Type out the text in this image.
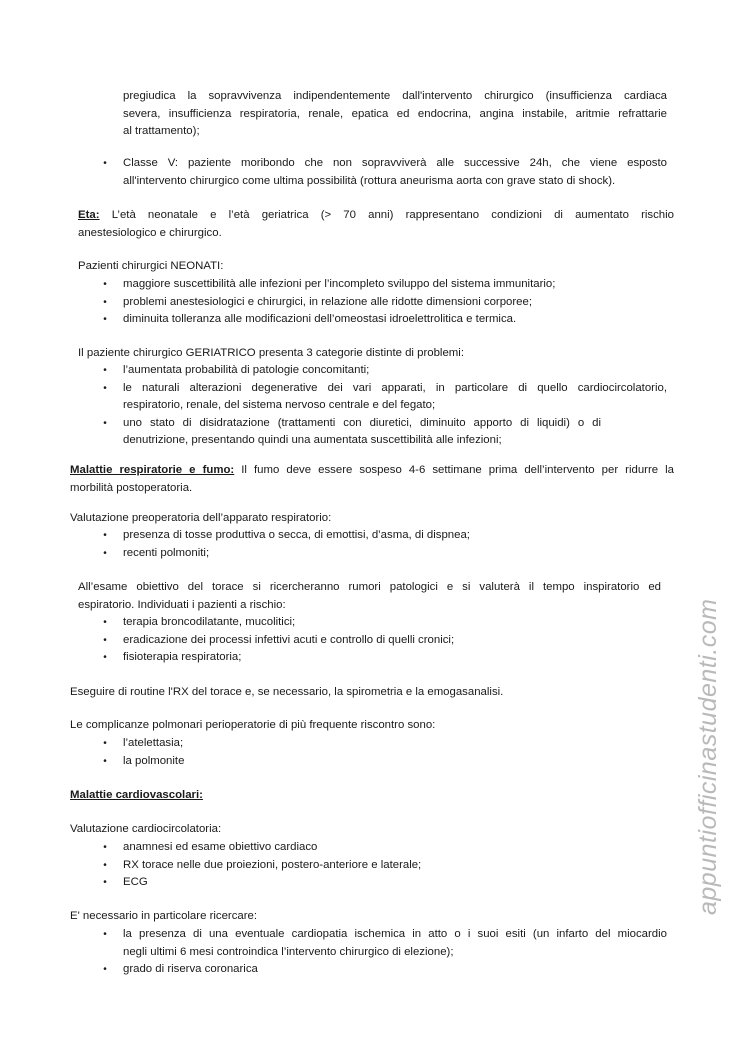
pregiudica la sopravvivenza indipendentemente dall'intervento chirurgico (insufficienza cardiaca
severa, insufficienza respiratoria, renale, epatica ed endocrina, angina instabile, aritmie refrattarie
al trattamento);
• Classe V: paziente moribondo che non sopravviverà alle successive 24h, che viene esposto
all'intervento chirurgico come ultima possibilità (rottura aneurisma aorta con grave stato di shock).
Eta: L’età neonatale e l’età geriatrica (> 70 anni) rappresentano condizioni di aumentato rischio
anestesiologico e chirurgico.
Pazienti chirurgici NEONATI:
• maggiore suscettibilità alle infezioni per l’incompleto sviluppo del sistema immunitario;
• problemi anestesiologici e chirurgici, in relazione alle ridotte dimensioni corporee;
• diminuita tolleranza alle modificazioni dell’omeostasi idroelettrolitica e termica.
Il paziente chirurgico GERIATRICO presenta 3 categorie distinte di problemi:
• l’aumentata probabilità di patologie concomitanti;
• le naturali alterazioni degenerative dei vari apparati, in particolare di quello cardiocircolatorio,
respiratorio, renale, del sistema nervoso centrale e del fegato;
• uno stato di disidratazione (trattamenti con diuretici, diminuito apporto di liquidi) o di
denutrizione, presentando quindi una aumentata suscettibilità alle infezioni;
Malattie respiratorie e fumo: Il fumo deve essere sospeso 4-6 settimane prima dell’intervento per ridurre la
morbilità postoperatoria.
Valutazione preoperatoria dell’apparato respiratorio:
• presenza di tosse produttiva o secca, di emottisi, d’asma, di dispnea;
• recenti polmoniti;
All’esame obiettivo del torace si ricercheranno rumori patologici e si valuterà il tempo inspiratorio ed
espiratorio. Individuati i pazienti a rischio:
• terapia broncodilatante, mucolitici;
• eradicazione dei processi infettivi acuti e controllo di quelli cronici;
• fisioterapia respiratoria;
Eseguire di routine l'RX del torace e, se necessario, la spirometria e la emogasanalisi.
Le complicanze polmonari perioperatorie di più frequente riscontro sono:
• l’atelettasia;
• la polmonite
Malattie cardiovascolari:
Valutazione cardiocircolatoria:
• anamnesi ed esame obiettivo cardiaco
• RX torace nelle due proiezioni, postero-anteriore e laterale;
• ECG
E' necessario in particolare ricercare:
• la presenza di una eventuale cardiopatia ischemica in atto o i suoi esiti (un infarto del miocardio
negli ultimi 6 mesi controindica l’intervento chirurgico di elezione);
• grado di riserva coronarica
appuntiofficinastudenti.com
